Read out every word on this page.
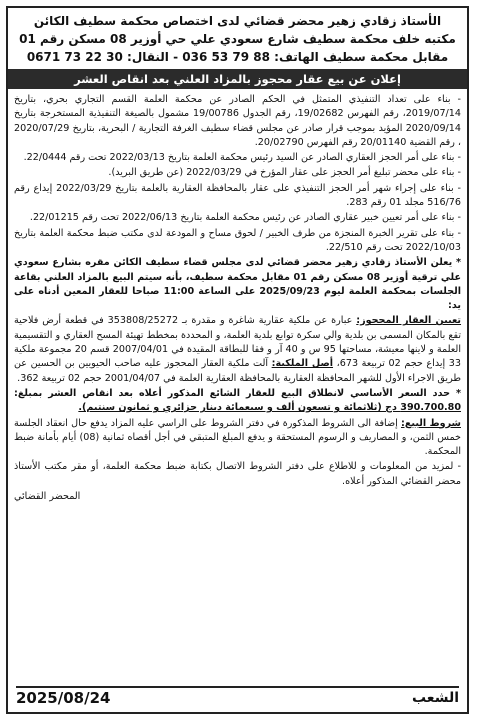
الأستاذ زقادي زهير محضر قضائي لدى اختصاص محكمة سطيف الكائن
مكتبه خلف محكمة سطيف شارع سعودي علي حي أوزير 08 مسكن رقم 01
مقابل محكمة سطيف الهاتف: 036 53 79 88 - النقال: 0671 73 22 30
إعلان عن بيع عقار محجوز بالمزاد العلني بعد انقاص العشر

- بناء على تعداد التنفيذي المتمثل في الحكم الصادر عن محكمة العلمة القسم التجاري بحري، بتاريخ 2019/07/14، رقم الفهرس 19/02682، رقم الجدول 19/00786 مشمول بالصيغة التنفيذية المستخرجة بتاريخ 2020/09/14 المؤيد بموجب قرار صادر عن مجلس قضاء سطيف الغرفة التجارية / البحرية، بتاريخ 2020/07/29 ، رقم القضية 20/01140 رقم الفهرس 20/02790.

- بناء على أمر الحجز العقاري الصادر عن السيد رئيس محكمة العلمة بتاريخ 2022/03/13 تحت رقم 22/0444.

- بناء على محضر تبليغ أمر الحجز على عقار المؤرخ في 2022/03/29 (عن طريق البريد).

- بناء على إجراء شهر أمر الحجز التنفيذي على عقار بالمحافظة العقارية بالعلمة بتاريخ 2022/03/29 إيداع رقم 516/76 مجلد 01 رقم 283.

- بناء على أمر تعيين خبير عقاري الصادر عن رئيس محكمة العلمة بتاريخ 2022/06/13 تحت رقم 22/01215.

- بناء على تقرير الخبرة المنجزة من طرف الخبير / لحوق مساح و المودعة لدى مكتب ضبط محكمة العلمة بتاريخ 2022/10/03 تحت رقم 22/510.

* يعلن الأستاذ زقادي زهير محضر قضائي لدى مجلس قضاء سطيف الكائن مقره بشارع سعودي علي ترقية أوزير 08 مسكن رقم 01 مقابل محكمة سطيف، بأنه سيتم البيع بالمزاد العلني بقاعة الجلسات بمحكمة العلمة ليوم 2025/09/23 على الساعة 11:00 صباحا للعقار المعين أدناه على يد:

تعيين العقار المحجوز: عبارة عن ملكية عقارية شاغرة و مقدرة بـ 353808/25272 في قطعة أرض فلاحية تقع بالمكان المسمى بن بلدية والي سكرة توابع بلدية العلمة، و المحددة بمخطط تهيئة المسح العقاري و التقسيمية العلمة و لاينها معيشة، مساحتها 95 س و 40 آر و فقا للبطاقة المقيدة في 2007/04/01 قسم 20 مجموعة ملكية 33 إيداع حجم 02 تربيعة 673، أصل الملكية: آلت ملكية العقار المحجوز عليه صاحب الحيويين بن الحسين عن طريق الاجراء الأول للشهر المحافظة العقارية بالمحافظة العقارية العلمة في 2001/04/07 حجم 02 تربيعة 362.

* حدد السعر الأساسي لانطلاق البيع للعقار الشائع المذكور أعلاه بعد انقاص العشر بمبلغ: 390.700.80 دج (ثلاثمائة و تسعون ألف و سبعمائة دينار جزائري و ثمانون سنتيم).

شروط البيع: إضافة الى الشروط المذكورة في دفتر الشروط على الراسي عليه المزاد يدفع حال انعقاد الجلسة خمس الثمن، و المصاريف و الرسوم المستحقة و يدفع المبلغ المتبقي في أجل أقصاه ثمانية (08) أيام بأمانة ضبط المحكمة.

- لمزيد من المعلومات و للاطلاع على دفتر الشروط الاتصال بكتابة ضبط محكمة العلمة، أو مقر مكتب الأستاذ محضر القضائي المذكور أعلاه.

المحضر القضائي
الشعب
2025/08/24
